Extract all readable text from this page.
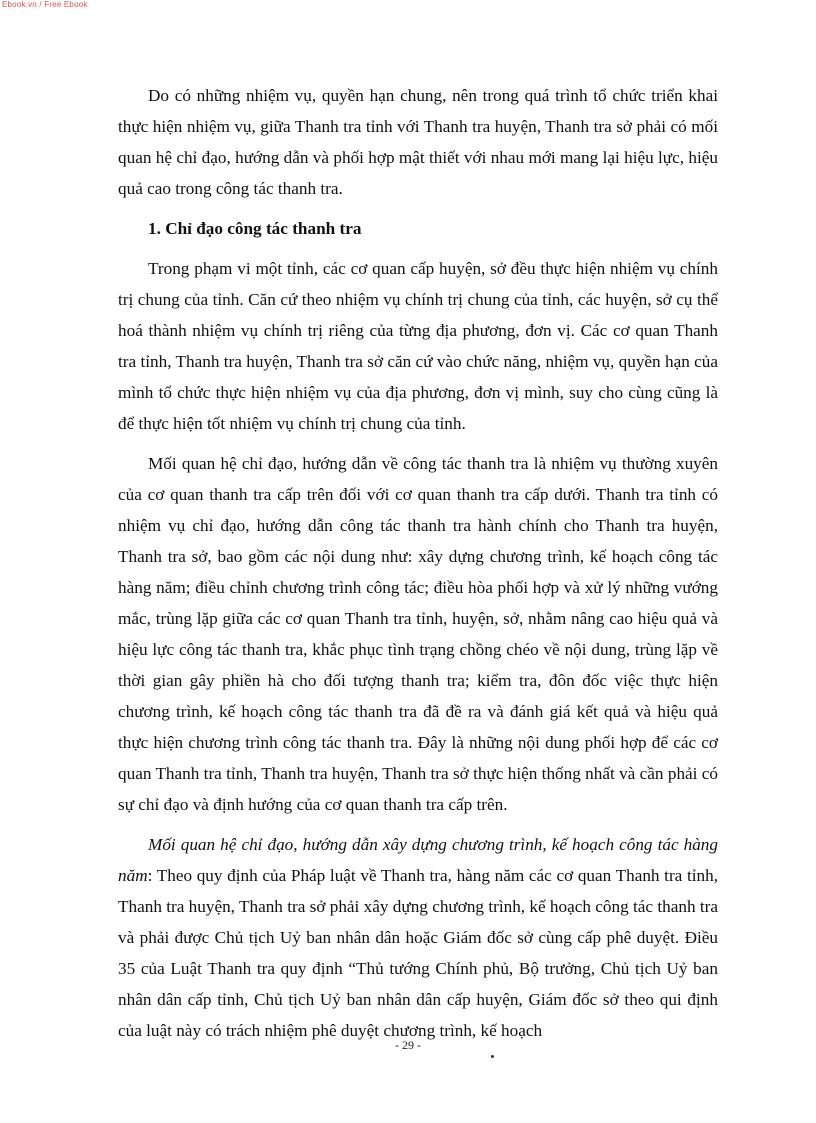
Ebook.vn / Free Ebook

Do có những nhiệm vụ, quyền hạn chung, nên trong quá trình tổ chức triển khai thực hiện nhiệm vụ, giữa Thanh tra tỉnh với Thanh tra huyện, Thanh tra sở phải có mối quan hệ chỉ đạo, hướng dẫn và phối hợp mật thiết với nhau mới mang lại hiệu lực, hiệu quả cao trong công tác thanh tra.

1. Chỉ đạo công tác thanh tra

Trong phạm vi một tỉnh, các cơ quan cấp huyện, sở đều thực hiện nhiệm vụ chính trị chung của tỉnh. Căn cứ theo nhiệm vụ chính trị chung của tỉnh, các huyện, sở cụ thể hoá thành nhiệm vụ chính trị riêng của từng địa phương, đơn vị. Các cơ quan Thanh tra tỉnh, Thanh tra huyện, Thanh tra sở căn cứ vào chức năng, nhiệm vụ, quyền hạn của mình tổ chức thực hiện nhiệm vụ của địa phương, đơn vị mình, suy cho cùng cũng là để thực hiện tốt nhiệm vụ chính trị chung của tỉnh.

Mối quan hệ chỉ đạo, hướng dẫn về công tác thanh tra là nhiệm vụ thường xuyên của cơ quan thanh tra cấp trên đối với cơ quan thanh tra cấp dưới. Thanh tra tỉnh có nhiệm vụ chỉ đạo, hướng dẫn công tác thanh tra hành chính cho Thanh tra huyện, Thanh tra sở, bao gồm các nội dung như: xây dựng chương trình, kế hoạch công tác hàng năm; điều chỉnh chương trình công tác; điều hòa phối hợp và xử lý những vướng mắc, trùng lặp giữa các cơ quan Thanh tra tỉnh, huyện, sở, nhằm nâng cao hiệu quả và hiệu lực công tác thanh tra, khắc phục tình trạng chồng chéo về nội dung, trùng lặp về thời gian gây phiền hà cho đối tượng thanh tra; kiểm tra, đôn đốc việc thực hiện chương trình, kế hoạch công tác thanh tra đã đề ra và đánh giá kết quả và hiệu quả thực hiện chương trình công tác thanh tra. Đây là những nội dung phối hợp để các cơ quan Thanh tra tỉnh, Thanh tra huyện, Thanh tra sở thực hiện thống nhất và cần phải có sự chỉ đạo và định hướng của cơ quan thanh tra cấp trên.

Mối quan hệ chỉ đạo, hướng dẫn xây dựng chương trình, kế hoạch công tác hàng năm: Theo quy định của Pháp luật về Thanh tra, hàng năm các cơ quan Thanh tra tỉnh, Thanh tra huyện, Thanh tra sở phải xây dựng chương trình, kế hoạch công tác thanh tra và phải được Chủ tịch Uỷ ban nhân dân hoặc Giám đốc sở cùng cấp phê duyệt. Điều 35 của Luật Thanh tra quy định “Thủ tướng Chính phủ, Bộ trưởng, Chủ tịch Uỷ ban nhân dân cấp tỉnh, Chủ tịch Uỷ ban nhân dân cấp huyện, Giám đốc sở theo qui định của luật này có trách nhiệm phê duyệt chương trình, kế hoạch

- 29 -
